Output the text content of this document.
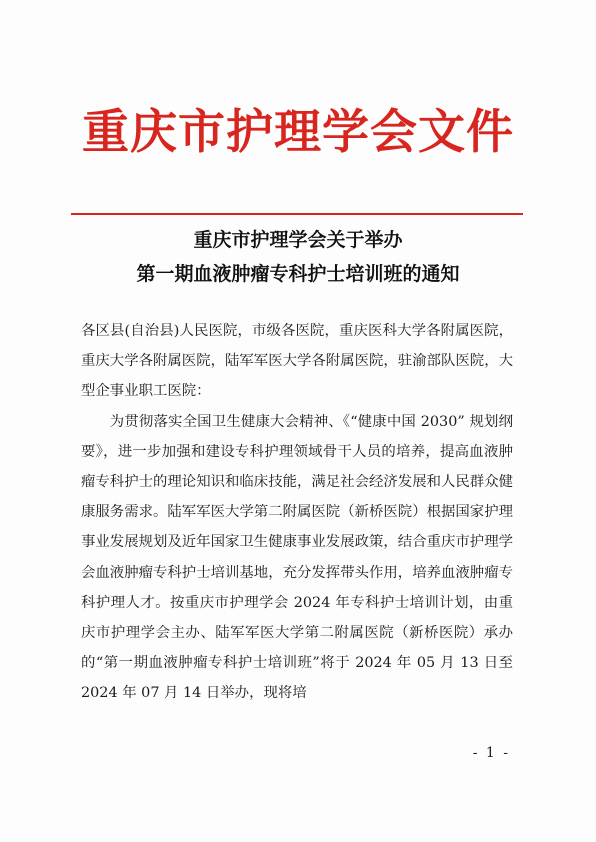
重庆市护理学会文件
重庆市护理学会关于举办
第一期血液肿瘤专科护士培训班的通知

各区县(自治县)人民医院，市级各医院，重庆医科大学各附属医院，重庆大学各附属医院，陆军军医大学各附属医院，驻渝部队医院，大型企事业职工医院：

为贯彻落实全国卫生健康大会精神、《“健康中国 2030” 规划纲要》，进一步加强和建设专科护理领域骨干人员的培养，提高血液肿瘤专科护士的理论知识和临床技能，满足社会经济发展和人民群众健康服务需求。陆军军医大学第二附属医院（新桥医院）根据国家护理事业发展规划及近年国家卫生健康事业发展政策，结合重庆市护理学会血液肿瘤专科护士培训基地，充分发挥带头作用，培养血液肿瘤专科护理人才。按重庆市护理学会 2024 年专科护士培训计划，由重庆市护理学会主办、陆军军医大学第二附属医院（新桥医院）承办的“第一期血液肿瘤专科护士培训班”将于 2024 年 05 月 13 日至 2024 年 07 月 14 日举办，现将培

- 1 -
